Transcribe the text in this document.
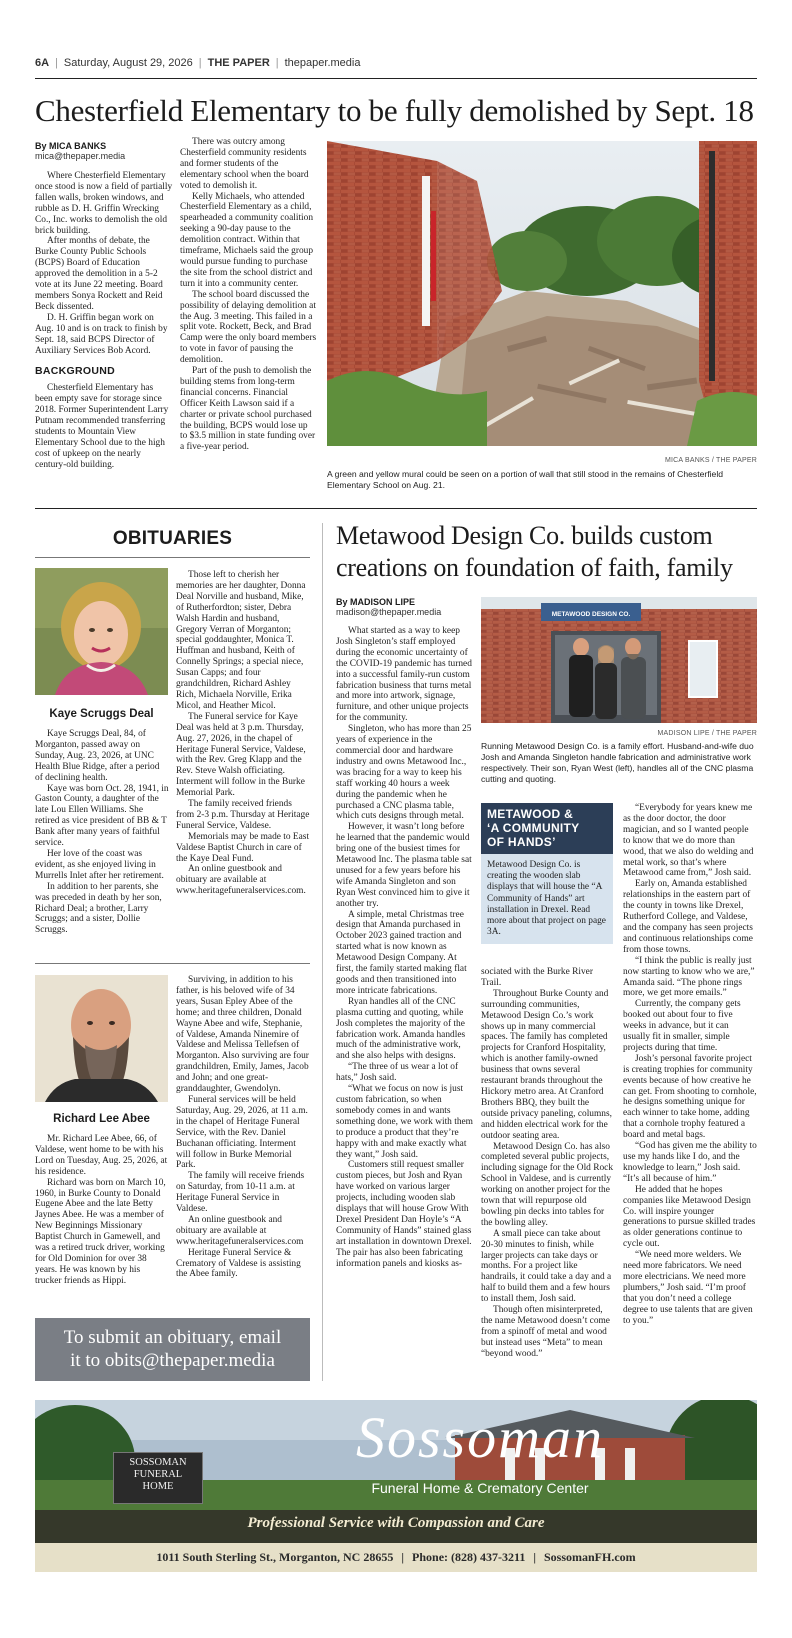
6A | Saturday, August 29, 2026 | THE PAPER | thepaper.media
Chesterfield Elementary to be fully demolished by Sept. 18
By MICA BANKS
mica@thepaper.media

Where Chesterfield Elementary once stood is now a field of partially fallen walls, broken windows, and rubble as D. H. Griffin Wrecking Co., Inc. works to demolish the old brick building.

After months of debate, the Burke County Public Schools (BCPS) Board of Education approved the demolition in a 5-2 vote at its June 22 meeting. Board members Sonya Rockett and Reid Beck dissented.

D. H. Griffin began work on Aug. 10 and is on track to finish by Sept. 18, said BCPS Director of Auxiliary Services Bob Acord.

BACKGROUND

Chesterfield Elementary has been empty save for storage since 2018. Former Superintendent Larry Putnam recommended transferring students to Mountain View Elementary School due to the high cost of upkeep on the nearly century-old building.

There was outcry among Chesterfield community residents and former students of the elementary school when the board voted to demolish it.

Kelly Michaels, who attended Chesterfield Elementary as a child, spearheaded a community coalition seeking a 90-day pause to the demolition contract. Within that timeframe, Michaels said the group would pursue funding to purchase the site from the school district and turn it into a community center.

The school board discussed the possibility of delaying demolition at the Aug. 3 meeting. This failed in a split vote. Rockett, Beck, and Brad Camp were the only board members to vote in favor of pausing the demolition.

Part of the push to demolish the building stems from long-term financial concerns. Financial Officer Keith Lawson said if a charter or private school purchased the building, BCPS would lose up to $3.5 million in state funding over a five-year period.

MICA BANKS / THE PAPER
A green and yellow mural could be seen on a portion of wall that still stood in the remains of Chesterfield Elementary School on Aug. 21.
OBITUARIES
Kaye Scruggs Deal

Kaye Scruggs Deal, 84, of Morganton, passed away on Sunday, Aug. 23, 2026, at UNC Health Blue Ridge, after a period of declining health.

Kaye was born Oct. 28, 1941, in Gaston County, a daughter of the late Lou Ellen Williams. She retired as vice president of BB & T Bank after many years of faithful service.

Her love of the coast was evident, as she enjoyed living in Murrells Inlet after her retirement.

In addition to her parents, she was preceded in death by her son, Richard Deal; a brother, Larry Scruggs; and a sister, Dollie Scruggs.

Those left to cherish her memories are her daughter, Donna Deal Norville and husband, Mike, of Rutherfordton; sister, Debra Walsh Hardin and husband, Gregory Verran of Morganton; special goddaughter, Monica T. Huffman and husband, Keith of Connelly Springs; a special niece, Susan Capps; and four grandchildren, Richard Ashley Rich, Michaela Norville, Erika Micol, and Heather Micol.

The Funeral service for Kaye Deal was held at 3 p.m. Thursday, Aug. 27, 2026, in the chapel of Heritage Funeral Service, Valdese, with the Rev. Greg Klapp and the Rev. Steve Walsh officiating. Interment will follow in the Burke Memorial Park.

The family received friends from 2-3 p.m. Thursday at Heritage Funeral Service, Valdese.

Memorials may be made to East Valdese Baptist Church in care of the Kaye Deal Fund.

An online guestbook and obituary are available at www.heritagefuneralservices.com.

Richard Lee Abee

Mr. Richard Lee Abee, 66, of Valdese, went home to be with his Lord on Tuesday, Aug. 25, 2026, at his residence.

Richard was born on March 10, 1960, in Burke County to Donald Eugene Abee and the late Betty Jaynes Abee. He was a member of New Beginnings Missionary Baptist Church in Gamewell, and was a retired truck driver, working for Old Dominion for over 38 years. He was known by his trucker friends as Hippi.

Surviving, in addition to his father, is his beloved wife of 34 years, Susan Epley Abee of the home; and three children, Donald Wayne Abee and wife, Stephanie, of Valdese, Amanda Ninemire of Valdese and Melissa Tellefsen of Morganton. Also surviving are four grandchildren, Emily, James, Jacob and John; and one great-granddaughter, Gwendolyn.

Funeral services will be held Saturday, Aug. 29, 2026, at 11 a.m. in the chapel of Heritage Funeral Service, with the Rev. Daniel Buchanan officiating. Interment will follow in Burke Memorial Park.

The family will receive friends on Saturday, from 10-11 a.m. at Heritage Funeral Service in Valdese.

An online guestbook and obituary are available at www.heritagefuneralservices.com

Heritage Funeral Service & Crematory of Valdese is assisting the Abee family.

To submit an obituary, email
it to obits@thepaper.media
Metawood Design Co. builds custom
creations on foundation of faith, family
By MADISON LIPE
madison@thepaper.media

What started as a way to keep Josh Singleton’s staff employed during the economic uncertainty of the COVID-19 pandemic has turned into a successful family-run custom fabrication business that turns metal and more into artwork, signage, furniture, and other unique projects for the community.

Singleton, who has more than 25 years of experience in the commercial door and hardware industry and owns Metawood Inc., was bracing for a way to keep his staff working 40 hours a week during the pandemic when he purchased a CNC plasma table, which cuts designs through metal.

However, it wasn’t long before he learned that the pandemic would bring one of the busiest times for Metawood Inc. The plasma table sat unused for a few years before his wife Amanda Singleton and son Ryan West convinced him to give it another try.

A simple, metal Christmas tree design that Amanda purchased in October 2023 gained traction and started what is now known as Metawood Design Company. At first, the family started making flat goods and then transitioned into more intricate fabrications.

Ryan handles all of the CNC plasma cutting and quoting, while Josh completes the majority of the fabrication work. Amanda handles much of the administrative work, and she also helps with designs.

“The three of us wear a lot of hats,” Josh said.

“What we focus on now is just custom fabrication, so when somebody comes in and wants something done, we work with them to produce a product that they’re happy with and make exactly what they want,” Josh said.

Customers still request smaller custom pieces, but Josh and Ryan have worked on various larger projects, including wooden slab displays that will house Grow With Drexel President Dan Hoyle’s “A Community of Hands” stained glass art installation in downtown Drexel. The pair has also been fabricating information panels and kiosks as-

METAWOOD DESIGN CO.
MADISON LIPE / THE PAPER
Running Metawood Design Co. is a family effort. Husband-and-wife duo Josh and Amanda Singleton handle fabrication and administrative work respectively. Their son, Ryan West (left), handles all of the CNC plasma cutting and quoting.
METAWOOD &
‘A COMMUNITY
OF HANDS’
Metawood Design Co. is creating the wooden slab displays that will house the “A Community of Hands” art installation in Drexel. Read more about that project on page 3A.

sociated with the Burke River Trail.

Throughout Burke County and surrounding communities, Metawood Design Co.’s work shows up in many commercial spaces. The family has completed projects for Cranford Hospitality, which is another family-owned business that owns several restaurant brands throughout the Hickory metro area. At Cranford Brothers BBQ, they built the outside privacy paneling, columns, and hidden electrical work for the outdoor seating area.

Metawood Design Co. has also completed several public projects, including signage for the Old Rock School in Valdese, and is currently working on another project for the town that will repurpose old bowling pin decks into tables for the bowling alley.

A small piece can take about 20-30 minutes to finish, while larger projects can take days or months. For a project like handrails, it could take a day and a half to build them and a few hours to install them, Josh said.

Though often misinterpreted, the name Metawood doesn’t come from a spinoff of metal and wood but instead uses “Meta” to mean “beyond wood.”

“Everybody for years knew me as the door doctor, the door magician, and so I wanted people to know that we do more than wood, that we also do welding and metal work, so that’s where Metawood came from,” Josh said.

Early on, Amanda established relationships in the eastern part of the county in towns like Drexel, Rutherford College, and Valdese, and the company has seen projects and continuous relationships come from those towns.

“I think the public is really just now starting to know who we are,” Amanda said. “The phone rings more, we get more emails.”

Currently, the company gets booked out about four to five weeks in advance, but it can usually fit in smaller, simple projects during that time.

Josh’s personal favorite project is creating trophies for community events because of how creative he can get. From shooting to cornhole, he designs something unique for each winner to take home, adding that a cornhole trophy featured a board and metal bags.

“God has given me the ability to use my hands like I do, and the knowledge to learn,” Josh said. “It’s all because of him.”

He added that he hopes companies like Metawood Design Co. will inspire younger generations to pursue skilled trades as older generations continue to cycle out.

“We need more welders. We need more fabricators. We need more electricians. We need more plumbers,” Josh said. “I’m proof that you don’t need a college degree to use talents that are given to you.”

SOSSOMAN
FUNERAL
HOME
Sossoman
Funeral Home & Crematory Center
Professional Service with Compassion and Care
1011 South Sterling St., Morganton, NC 28655 | Phone: (828) 437-3211 | SossomanFH.com
